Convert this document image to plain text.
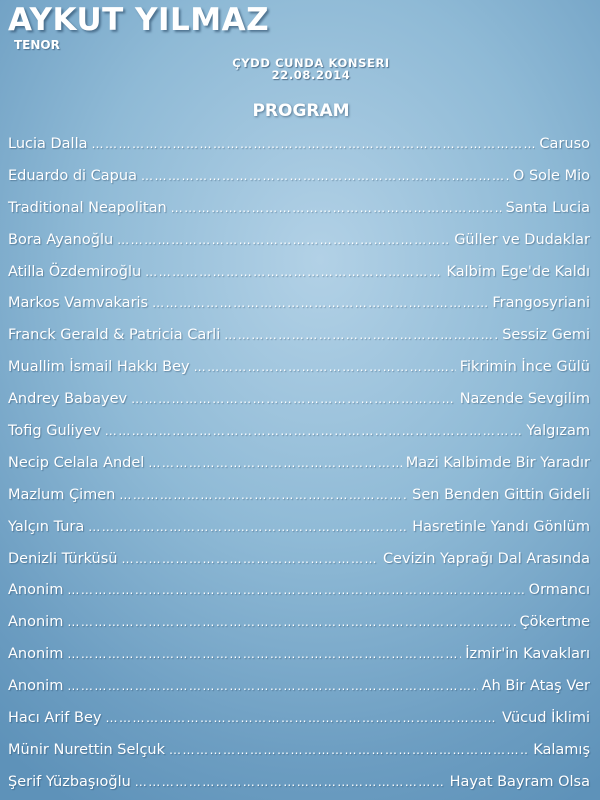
AYKUT YILMAZ
TENOR
ÇYDD CUNDA KONSERI
22.08.2014
PROGRAM
Lucia Dalla ……………………………………………………………………………………………………………………………………………	Caruso
Eduardo di Capua ……………………………………………………………………………………………………………………………………………	O Sole Mio
Traditional Neapolitan ……………………………………………………………………………………………………………………………………………	Santa Lucia
Bora Ayanoğlu ……………………………………………………………………………………………………………………………………………	Güller ve Dudaklar
Atilla Özdemiroğlu ……………………………………………………………………………………………………………………………………………	Kalbim Ege'de Kaldı
Markos Vamvakaris ……………………………………………………………………………………………………………………………………………	Frangosyriani
Franck Gerald & Patricia Carli ……………………………………………………………………………………………………………………………………………	Sessiz Gemi
Muallim İsmail Hakkı Bey ……………………………………………………………………………………………………………………………………………	Fikrimin İnce Gülü
Andrey Babayev ……………………………………………………………………………………………………………………………………………	Nazende Sevgilim
Tofig Guliyev ……………………………………………………………………………………………………………………………………………	Yalgızam
Necip Celala Andel ……………………………………………………………………………………………………………………………………………	Mazi Kalbimde Bir Yaradır
Mazlum Çimen ……………………………………………………………………………………………………………………………………………	Sen Benden Gittin Gideli
Yalçın Tura ……………………………………………………………………………………………………………………………………………	Hasretinle Yandı Gönlüm
Denizli Türküsü ……………………………………………………………………………………………………………………………………………	Cevizin Yaprağı Dal Arasında
Anonim ……………………………………………………………………………………………………………………………………………	Ormancı
Anonim ……………………………………………………………………………………………………………………………………………	Çökertme
Anonim ……………………………………………………………………………………………………………………………………………	İzmir'in Kavakları
Anonim ……………………………………………………………………………………………………………………………………………	Ah Bir Ataş Ver
Hacı Arif Bey ……………………………………………………………………………………………………………………………………………	Vücud İklimi
Münir Nurettin Selçuk ……………………………………………………………………………………………………………………………………………	Kalamış
Şerif Yüzbaşıoğlu ……………………………………………………………………………………………………………………………………………	Hayat Bayram Olsa
